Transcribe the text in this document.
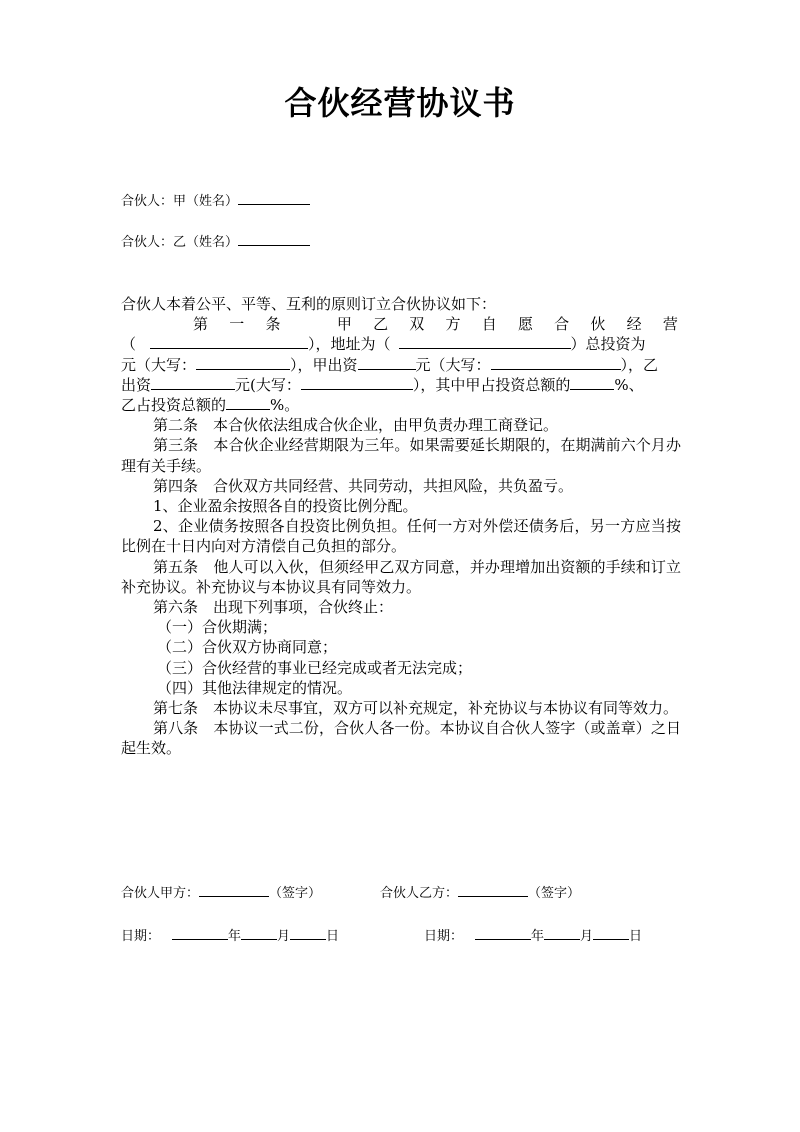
合伙经营协议书
合伙人：甲（姓名）
合伙人：乙（姓名）

合伙人本着公平、平等、互利的原则订立合伙协议如下：

第 一 条	甲 乙 双 方 自 愿 合 伙 经 营

（	），地址为（	）总投资为

元（大写：	），甲出资	元（大写：	），乙

出资	元(大写：	），其中甲占投资总额的	%、

乙占投资总额的	%。

第二条　本合伙依法组成合伙企业，由甲负责办理工商登记。

第三条　本合伙企业经营期限为三年。如果需要延长期限的，在期满前六个月办理有关手续。

第四条　合伙双方共同经营、共同劳动，共担风险，共负盈亏。

1、企业盈余按照各自的投资比例分配。

2、企业债务按照各自投资比例负担。任何一方对外偿还债务后，另一方应当按比例在十日内向对方清偿自己负担的部分。

第五条　他人可以入伙，但须经甲乙双方同意，并办理增加出资额的手续和订立补充协议。补充协议与本协议具有同等效力。

第六条　出现下列事项，合伙终止：

（一）合伙期满；

（二）合伙双方协商同意；

（三）合伙经营的事业已经完成或者无法完成；

（四）其他法律规定的情况。

第七条　本协议未尽事宜，双方可以补充规定，补充协议与本协议有同等效力。

第八条　本协议一式二份，合伙人各一份。本协议自合伙人签字（或盖章）之日起生效。

合伙人甲方：	（签字）	合伙人乙方：	（签字）
日期：	年	月	日	日期：	年	月	日
